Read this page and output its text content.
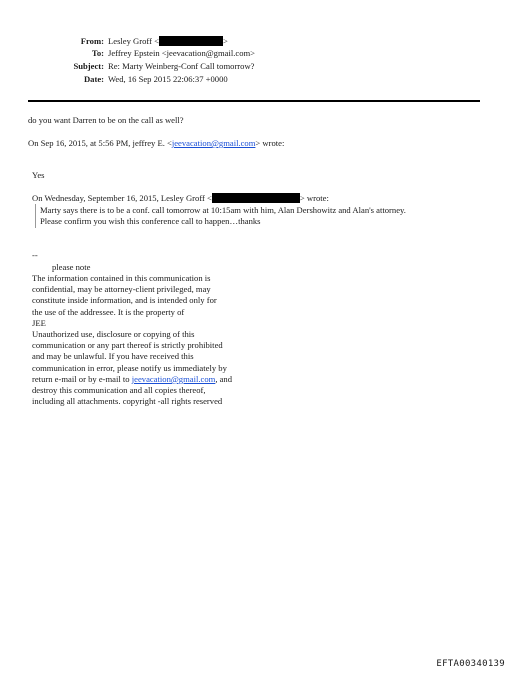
From: Lesley Groff <	>
To: Jeffrey Epstein <jeevacation@gmail.com>
Subject: Re: Marty Weinberg-Conf Call tomorrow?
Date: Wed, 16 Sep 2015 22:06:37 +0000
do you want Darren to be on the call as well?
On Sep 16, 2015, at 5:56 PM, jeffrey E. <jeevacation@gmail.com> wrote:
Yes
On Wednesday, September 16, 2015, Lesley Groff <	> wrote:
Marty says there is to be a conf. call tomorrow at 10:15am with him, Alan Dershowitz and Alan's attorney.
Please confirm you wish this conference call to happen…thanks
--
please note
The information contained in this communication is
confidential, may be attorney-client privileged, may
constitute inside information, and is intended only for
the use of the addressee. It is the property of
JEE
Unauthorized use, disclosure or copying of this
communication or any part thereof is strictly prohibited
and may be unlawful. If you have received this
communication in error, please notify us immediately by
return e-mail or by e-mail to jeevacation@gmail.com, and
destroy this communication and all copies thereof,
including all attachments. copyright -all rights reserved
EFTA00340139
